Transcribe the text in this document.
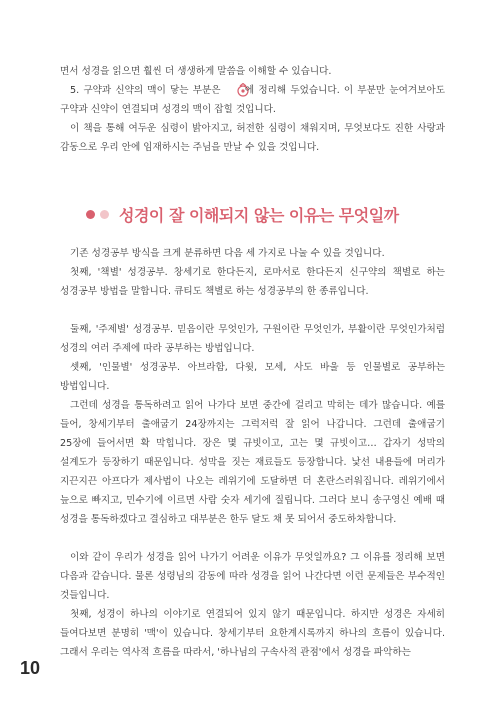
면서 성경을 읽으면 훨씬 더 생생하게 말씀을 이해할 수 있습니다.

5. 구약과 신약의 맥이 닿는 부분은	에 정리해 두었습니다. 이 부분만 눈여겨보아도 구약과 신약이 연결되며 성경의 맥이 잡힐 것입니다.

이 책을 통해 여두운 심령이 밝아지고, 허전한 심령이 채워지며, 무엇보다도 진한 사랑과 감동으로 우리 안에 임재하시는 주님을 만날 수 있을 것입니다.

성경이 잘 이해되지 않는 이유는 무엇일까

기존 성경공부 방식을 크게 분류하면 다음 세 가지로 나눌 수 있을 것입니다.

첫째, '책별' 성경공부. 창세기로 한다든지, 로마서로 한다든지 신구약의 책별로 하는 성경공부 방법을 말합니다. 큐티도 책별로 하는 성경공부의 한 종류입니다.

둘째, '주제별' 성경공부. 믿음이란 무엇인가, 구원이란 무엇인가, 부활이란 무엇인가처럼 성경의 여러 주제에 따라 공부하는 방법입니다.

셋째, '인물별' 성경공부. 아브라함, 다윗, 모세, 사도 바울 등 인물별로 공부하는 방법입니다.

그런데 성경을 통독하려고 읽어 나가다 보면 중간에 걸리고 막히는 데가 많습니다. 예를 들어, 창세기부터 출애굽기 24장까지는 그럭저럭 잘 읽어 나갑니다. 그런데 출애굽기 25장에 들어서면 확 막힙니다. 장은 몇 규빗이고, 고는 몇 규빗이고… 갑자기 성막의 설계도가 등장하기 때문입니다. 성막을 짓는 재료들도 등장합니다. 낯선 내용들에 머리가 지끈지끈 아프다가 제사법이 나오는 레위기에 도달하면 더 혼란스러워집니다. 레위기에서 늪으로 빠지고, 민수기에 이르면 사람 숫자 세기에 질립니다. 그러다 보니 송구영신 예배 때 성경을 통독하겠다고 결심하고 대부분은 한두 달도 채 못 되어서 중도하차합니다.

이와 같이 우리가 성경을 읽어 나가기 어려운 이유가 무엇일까요? 그 이유를 정리해 보면 다음과 같습니다. 물론 성령님의 감동에 따라 성경을 읽어 나간다면 이런 문제들은 부수적인 것들입니다.

첫째, 성경이 하나의 이야기로 연결되어 있지 않기 때문입니다. 하지만 성경은 자세히 들여다보면 분명히 '맥'이 있습니다. 창세기부터 요한계시록까지 하나의 흐름이 있습니다. 그래서 우리는 역사적 흐름을 따라서, '하나님의 구속사적 관점'에서 성경을 파악하는

10
